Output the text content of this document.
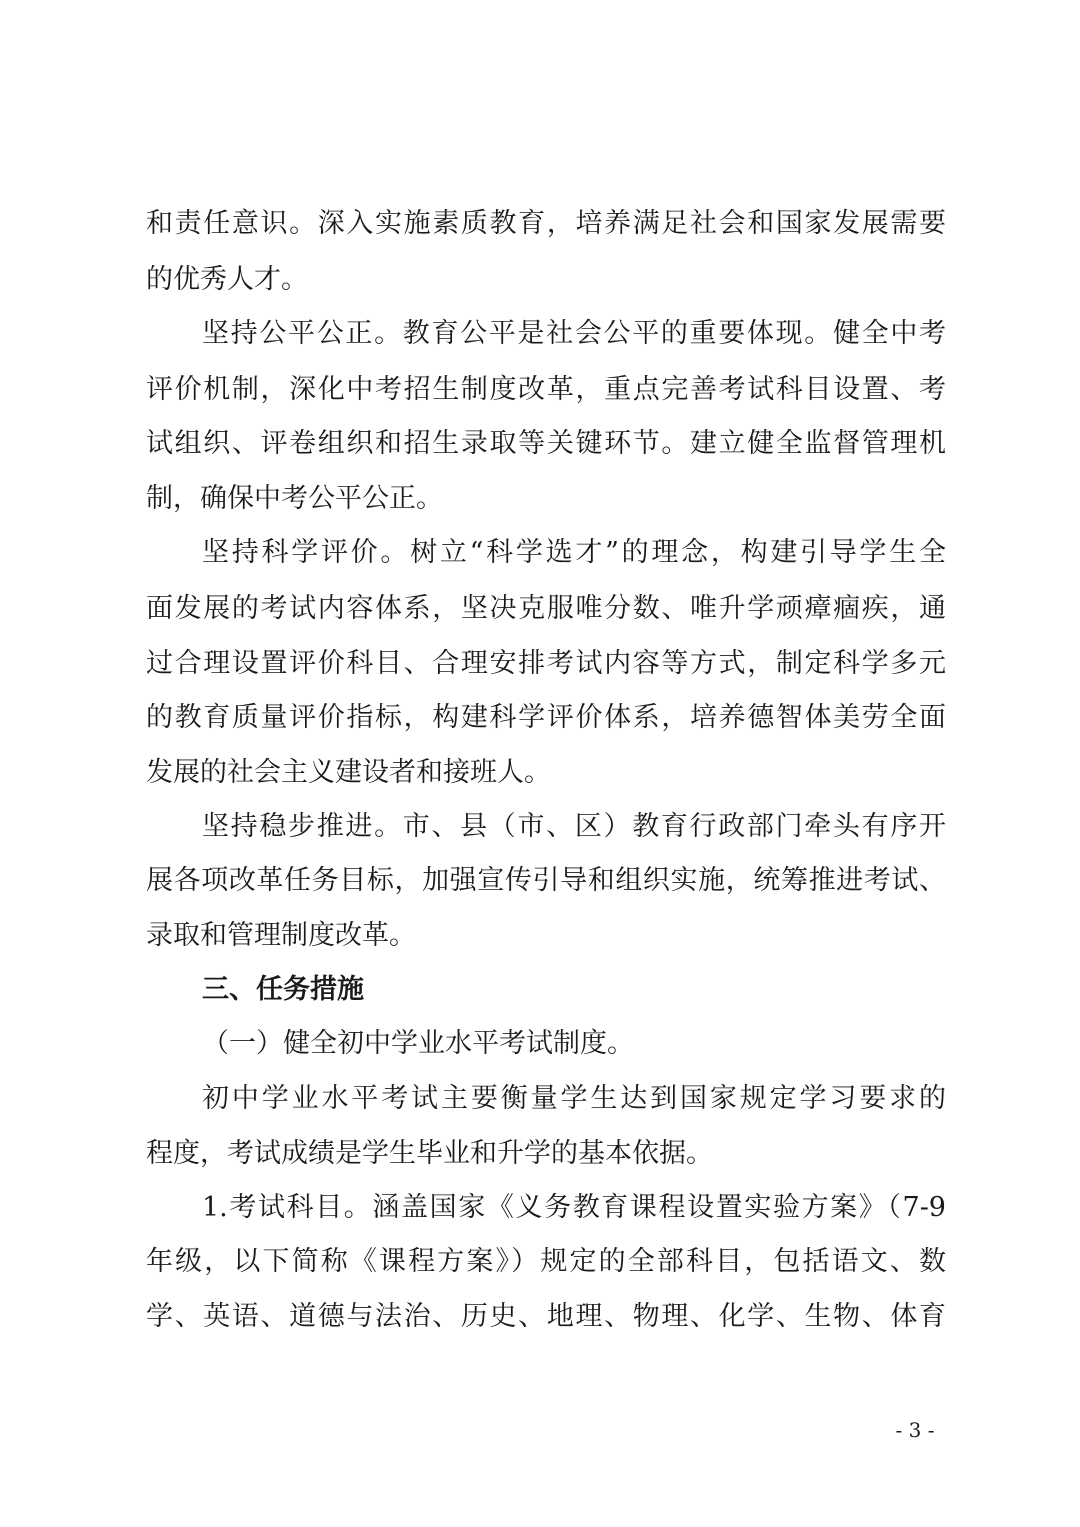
和责任意识。深入实施素质教育，培养满足社会和国家发展需要
的优秀人才。
坚持公平公正。教育公平是社会公平的重要体现。健全中考
评价机制，深化中考招生制度改革，重点完善考试科目设置、考
试组织、评卷组织和招生录取等关键环节。建立健全监督管理机
制，确保中考公平公正。
坚持科学评价。树立“科学选才”的理念，构建引导学生全
面发展的考试内容体系，坚决克服唯分数、唯升学顽瘴痼疾，通
过合理设置评价科目、合理安排考试内容等方式，制定科学多元
的教育质量评价指标，构建科学评价体系，培养德智体美劳全面
发展的社会主义建设者和接班人。
坚持稳步推进。市、县（市、区）教育行政部门牵头有序开
展各项改革任务目标，加强宣传引导和组织实施，统筹推进考试、
录取和管理制度改革。
三、任务措施
（一）健全初中学业水平考试制度。
初中学业水平考试主要衡量学生达到国家规定学习要求的
程度，考试成绩是学生毕业和升学的基本依据。
1.考试科目。涵盖国家《义务教育课程设置实验方案》（7-9
年级，以下简称《课程方案》）规定的全部科目，包括语文、数
学、英语、道德与法治、历史、地理、物理、化学、生物、体育
- 3 -
